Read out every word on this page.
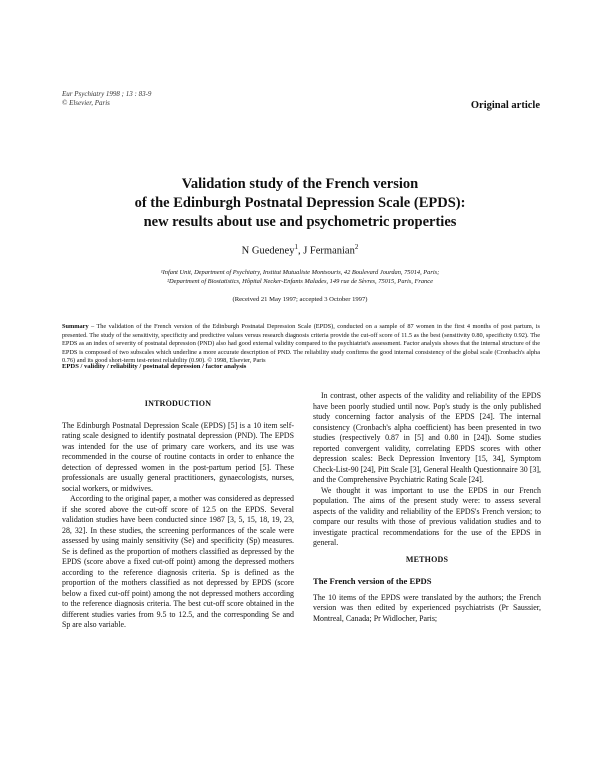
Eur Psychiatry 1998 ; 13 : 83-9
© Elsevier, Paris	Original article
Validation study of the French version
of the Edinburgh Postnatal Depression Scale (EPDS):
new results about use and psychometric properties
N Guedeney$^1$, J Fermanian$^2$
¹Infant Unit, Department of Psychiatry, Institut Mutualiste Montsouris, 42 Boulevard Jourdan, 75014, Paris;
²Department of Biostatistics, Hôpital Necker-Enfants Malades, 149 rue de Sèvres, 75015, Paris, France
(Received 21 May 1997; accepted 3 October 1997)
Summary – The validation of the French version of the Edinburgh Postnatal Depression Scale (EPDS), conducted on a sample of 87 women in the first 4 months of post partum, is presented. The study of the sensitivity, specificity and predictive values versus research diagnosis criteria provide the cut-off score of 11.5 as the best (sensitivity 0.80, specificity 0.92). The EPDS as an index of severity of postnatal depression (PND) also had good external validity compared to the psychiatrist's assessment. Factor analysis shows that the internal structure of the EPDS is composed of two subscales which underline a more accurate description of PND. The reliability study confirms the good internal consistency of the global scale (Cronbach's alpha 0.76) and its good short-term test-retest reliability (0.90). © 1998, Elsevier, Paris
EPDS / validity / reliability / postnatal depression / factor analysis
INTRODUCTION

The Edinburgh Postnatal Depression Scale (EPDS) [5] is a 10 item self-rating scale designed to identify postnatal depression (PND). The EPDS was intended for the use of primary care workers, and its use was recommended in the course of routine contacts in order to enhance the detection of depressed women in the post-partum period [5]. These professionals are usually general practitioners, gynaecologists, nurses, social workers, or midwives.

According to the original paper, a mother was considered as depressed if she scored above the cut-off score of 12.5 on the EPDS. Several validation studies have been conducted since 1987 [3, 5, 15, 18, 19, 23, 28, 32]. In these studies, the screening performances of the scale were assessed by using mainly sensitivity (Se) and specificity (Sp) measures. Se is defined as the proportion of mothers classified as depressed by the EPDS (score above a fixed cut-off point) among the depressed mothers according to the reference diagnosis criteria. Sp is defined as the proportion of the mothers classified as not depressed by EPDS (score below a fixed cut-off point) among the not depressed mothers according to the reference diagnosis criteria. The best cut-off score obtained in the different studies varies from 9.5 to 12.5, and the corresponding Se and Sp are also variable.

In contrast, other aspects of the validity and reliability of the EPDS have been poorly studied until now. Pop's study is the only published study concerning factor analysis of the EPDS [24]. The internal consistency (Cronbach's alpha coefficient) has been presented in two studies (respectively 0.87 in [5] and 0.80 in [24]). Some studies reported convergent validity, correlating EPDS scores with other depression scales: Beck Depression Inventory [15, 34], Symptom Check-List-90 [24], Pitt Scale [3], General Health Questionnaire 30 [3], and the Comprehensive Psychiatric Rating Scale [24].

We thought it was important to use the EPDS in our French population. The aims of the present study were: to assess several aspects of the validity and reliability of the EPDS's French version; to compare our results with those of previous validation studies and to investigate practical recommendations for the use of the EPDS in general.

METHODS
The French version of the EPDS

The 10 items of the EPDS were translated by the authors; the French version was then edited by experienced psychiatrists (Pr Saussier, Montreal, Canada; Pr Widlocher, Paris;
